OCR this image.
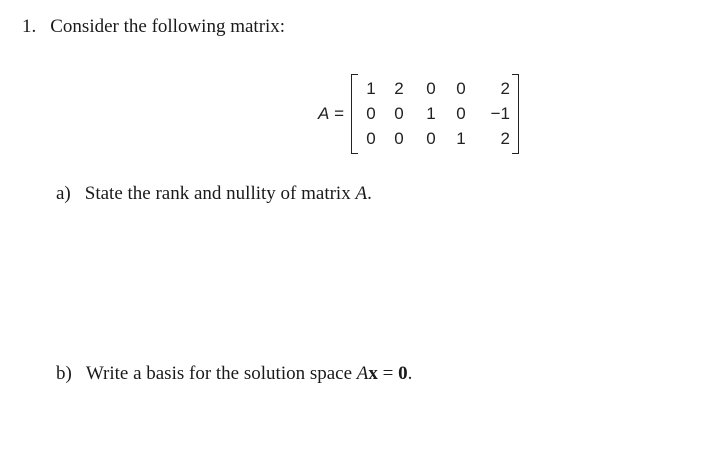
1. Consider the following matrix:
A =
1	2	0	0	2
0	0	1	0	−1
0	0	0	1	2
a) State the rank and nullity of matrix A.
b) Write a basis for the solution space Ax = 0.
